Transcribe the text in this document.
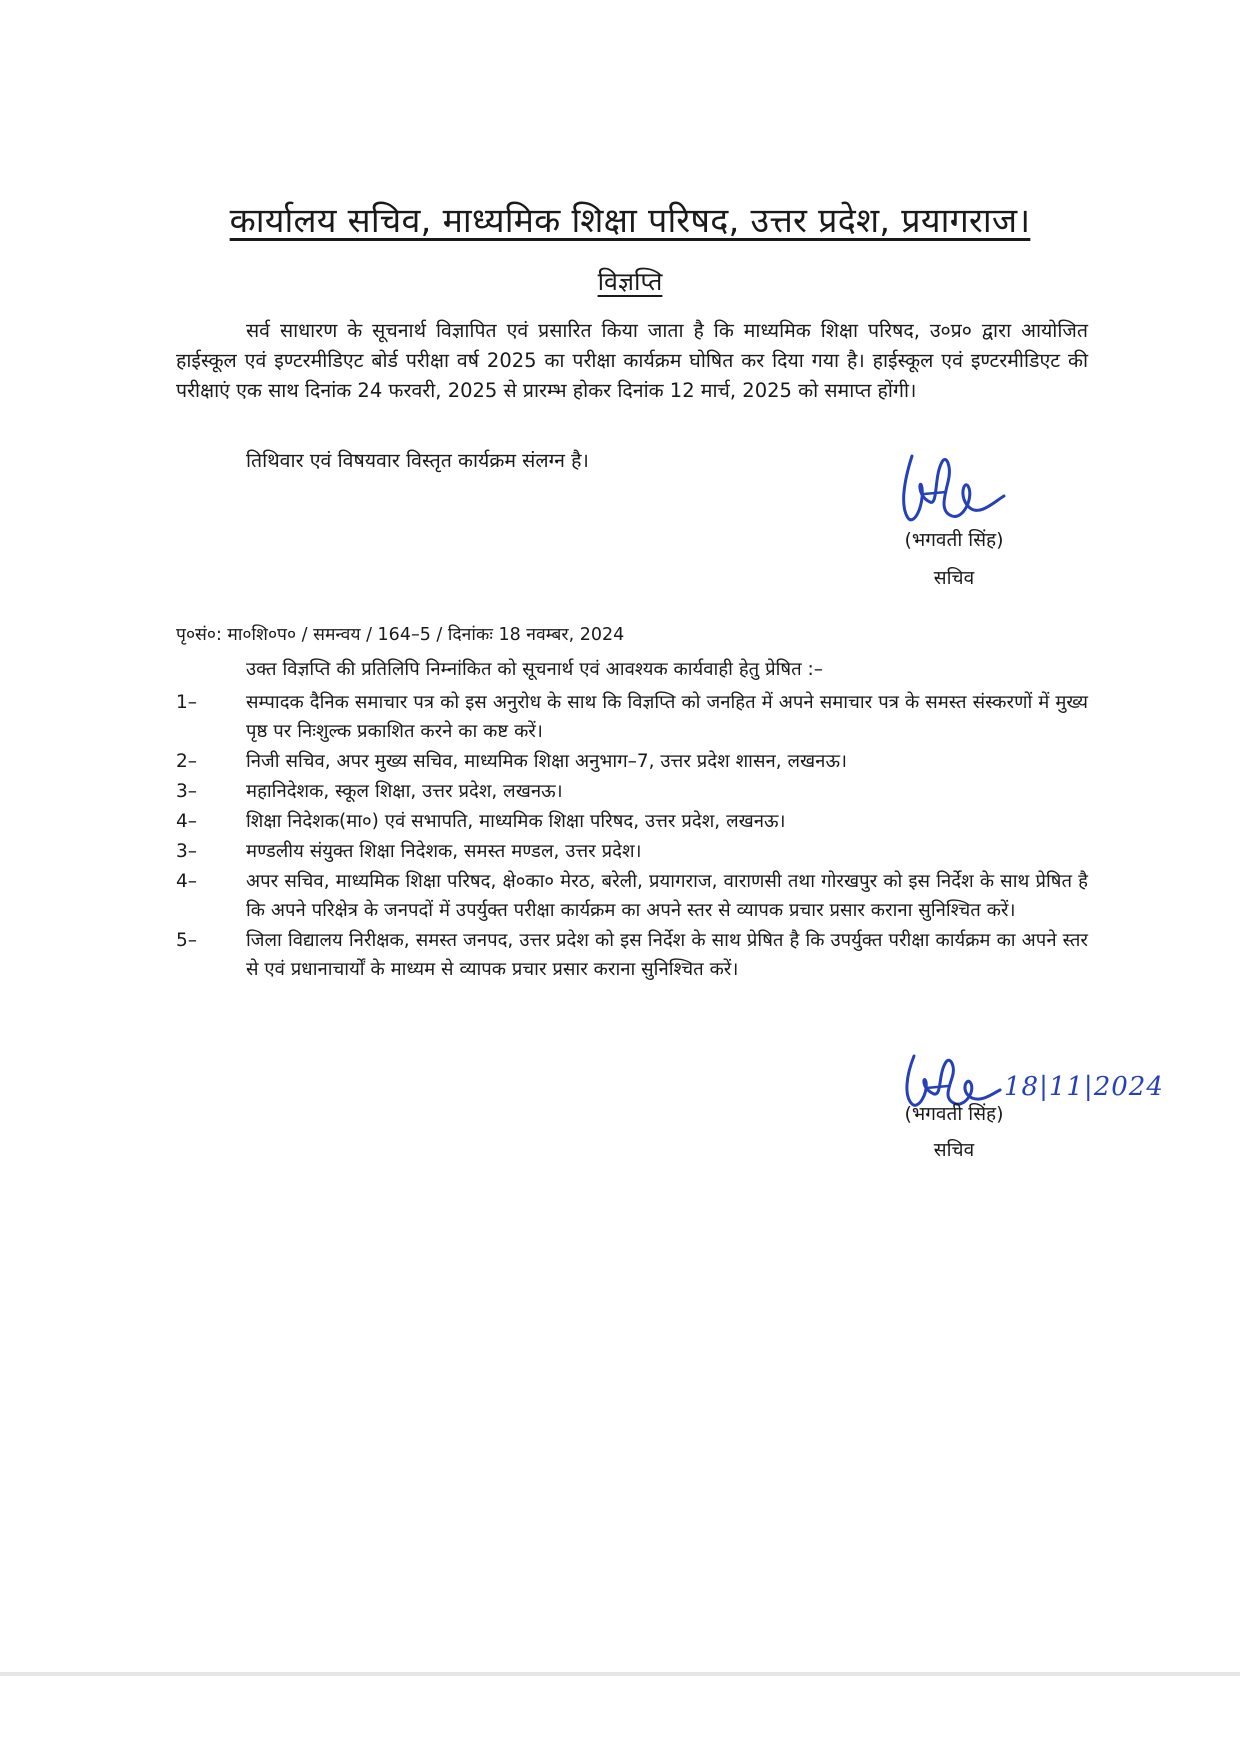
कार्यालय सचिव, माध्यमिक शिक्षा परिषद, उत्तर प्रदेश, प्रयागराज।
विज्ञप्ति
सर्व साधारण के सूचनार्थ विज्ञापित एवं प्रसारित किया जाता है कि माध्यमिक शिक्षा परिषद, उ०प्र० द्वारा आयोजित हाईस्कूल एवं इण्टरमीडिएट बोर्ड परीक्षा वर्ष 2025 का परीक्षा कार्यक्रम घोषित कर दिया गया है। हाईस्कूल एवं इण्टरमीडिएट की परीक्षाएं एक साथ दिनांक 24 फरवरी, 2025 से प्रारम्भ होकर दिनांक 12 मार्च, 2025 को समाप्त होंगी।
तिथिवार एवं विषयवार विस्तृत कार्यक्रम संलग्न है।
(भगवती सिंह)
सचिव
पृ०सं०: मा०शि०प० / समन्वय / 164–5 / दिनांकः 18 नवम्बर, 2024
उक्त विज्ञप्ति की प्रतिलिपि निम्नांकित को सूचनार्थ एवं आवश्यक कार्यवाही हेतु प्रेषित :–
1–	सम्पादक दैनिक समाचार पत्र को इस अनुरोध के साथ कि विज्ञप्ति को जनहित में अपने समाचार पत्र के समस्त संस्करणों में मुख्य पृष्ठ पर निःशुल्क प्रकाशित करने का कष्ट करें।
2–	निजी सचिव, अपर मुख्य सचिव, माध्यमिक शिक्षा अनुभाग–7, उत्तर प्रदेश शासन, लखनऊ।
3–	महानिदेशक, स्कूल शिक्षा, उत्तर प्रदेश, लखनऊ।
4–	शिक्षा निदेशक(मा०) एवं सभापति, माध्यमिक शिक्षा परिषद, उत्तर प्रदेश, लखनऊ।
3–	मण्डलीय संयुक्त शिक्षा निदेशक, समस्त मण्डल, उत्तर प्रदेश।
4–	अपर सचिव, माध्यमिक शिक्षा परिषद, क्षे०का० मेरठ, बरेली, प्रयागराज, वाराणसी तथा गोरखपुर को इस निर्देश के साथ प्रेषित है कि अपने परिक्षेत्र के जनपदों में उपर्युक्त परीक्षा कार्यक्रम का अपने स्तर से व्यापक प्रचार प्रसार कराना सुनिश्चित करें।
5–	जिला विद्यालय निरीक्षक, समस्त जनपद, उत्तर प्रदेश को इस निर्देश के साथ प्रेषित है कि उपर्युक्त परीक्षा कार्यक्रम का अपने स्तर से एवं प्रधानाचार्यों के माध्यम से व्यापक प्रचार प्रसार कराना सुनिश्चित करें।
(भगवती सिंह)
सचिव
18|11|2024
